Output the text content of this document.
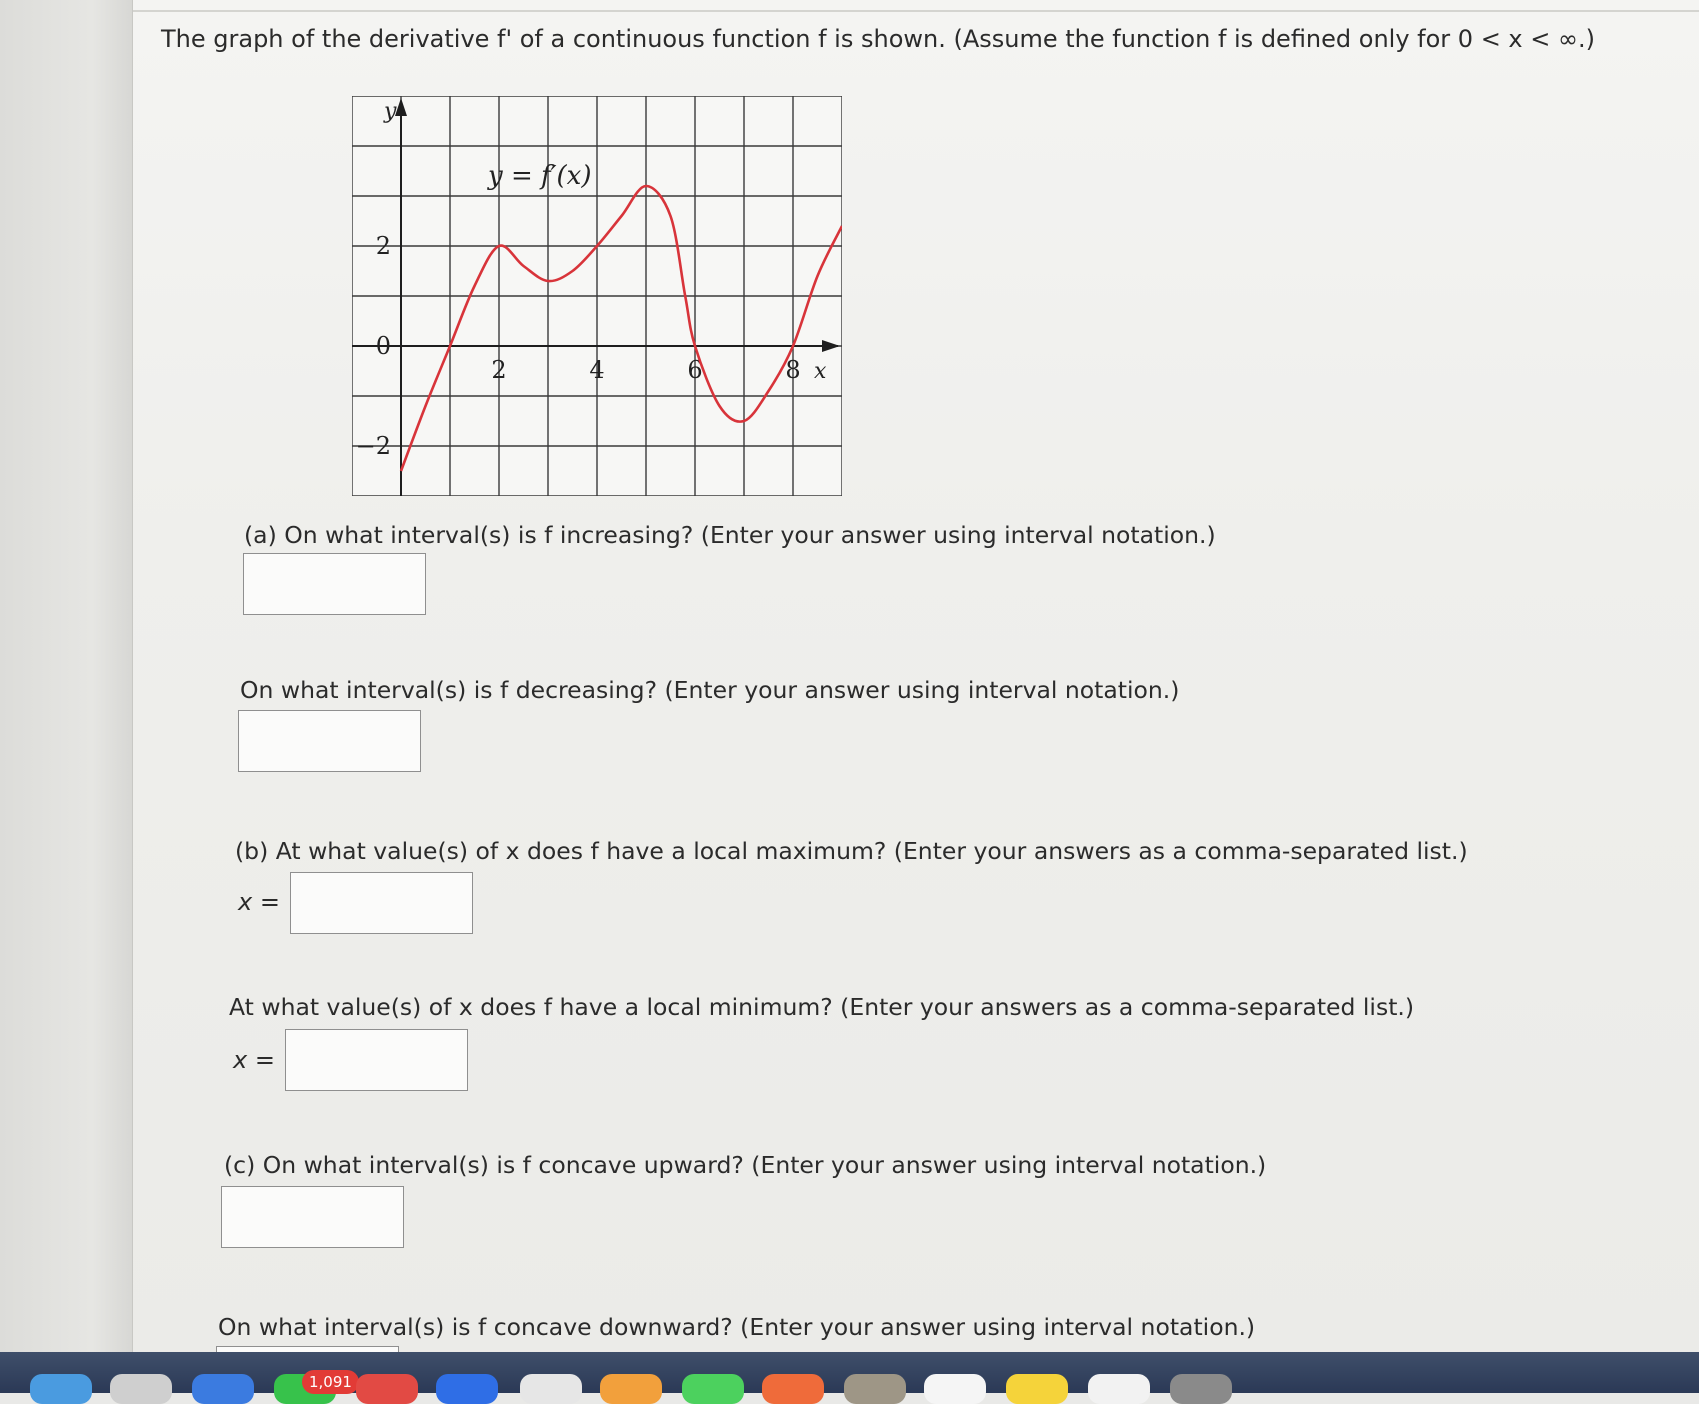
The graph of the derivative f' of a continuous function f is shown. (Assume the function f is defined only for 0 < x < ∞.)
2
0
−2
2	4	6	8
y = f′(x)
y
x
(a) On what interval(s) is f increasing? (Enter your answer using interval notation.)
On what interval(s) is f decreasing? (Enter your answer using interval notation.)
(b) At what value(s) of x does f have a local maximum? (Enter your answers as a comma-separated list.)
x =
At what value(s) of x does f have a local minimum? (Enter your answers as a comma-separated list.)
x =
(c) On what interval(s) is f concave upward? (Enter your answer using interval notation.)
On what interval(s) is f concave downward? (Enter your answer using interval notation.)
1,091
